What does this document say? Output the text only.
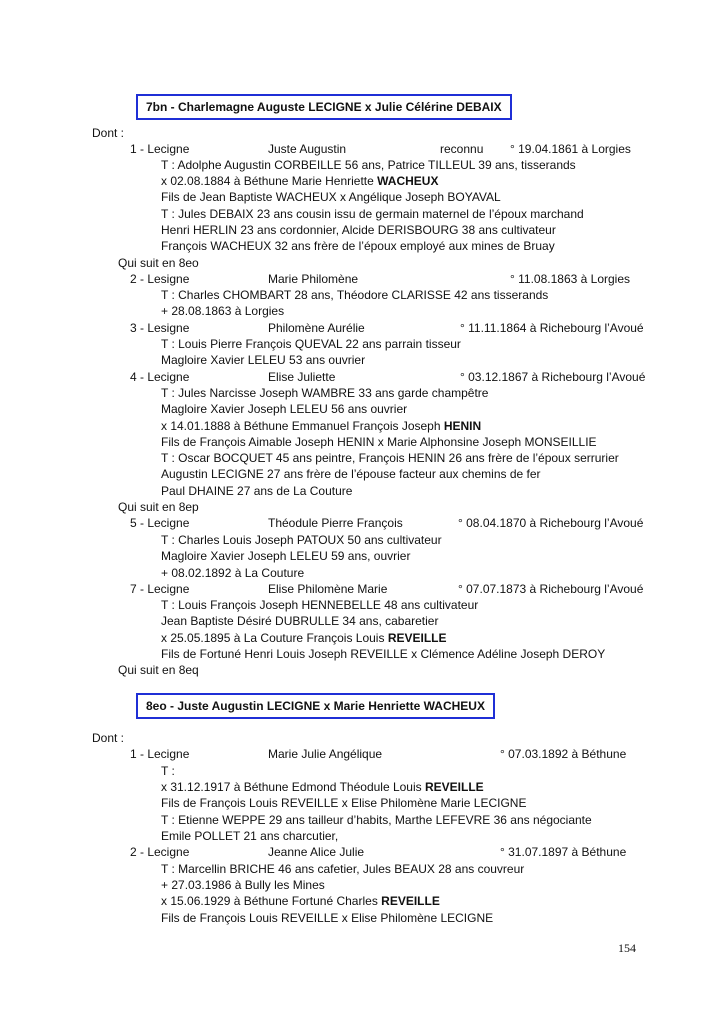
7bn - Charlemagne Auguste LECIGNE x Julie Célérine DEBAIX
Dont :
1 - Lecigne	Juste Augustin	reconnu ° 19.04.1861 à Lorgies
T : Adolphe Augustin CORBEILLE 56 ans, Patrice TILLEUL 39 ans, tisserands
x 02.08.1884 à Béthune Marie Henriette WACHEUX
Fils de Jean Baptiste WACHEUX x Angélique Joseph BOYAVAL
T : Jules DEBAIX 23 ans cousin issu de germain maternel de l’époux marchand
Henri HERLIN 23 ans cordonnier, Alcide DERISBOURG 38 ans cultivateur
François WACHEUX 32 ans frère de l’époux employé aux mines de Bruay
Qui suit en 8eo
2 - Lesigne	Marie Philomène	° 11.08.1863 à Lorgies
T : Charles CHOMBART 28 ans, Théodore CLARISSE 42 ans tisserands
+ 28.08.1863 à Lorgies
3 - Lesigne	Philomène Aurélie	° 11.11.1864 à Richebourg l’Avoué
T : Louis Pierre François QUEVAL 22 ans parrain tisseur
Magloire Xavier LELEU 53 ans ouvrier
4 - Lecigne	Elise Juliette	° 03.12.1867 à Richebourg l’Avoué
T : Jules Narcisse Joseph WAMBRE 33 ans garde champêtre
Magloire Xavier Joseph LELEU 56 ans ouvrier
x 14.01.1888 à Béthune Emmanuel François Joseph HENIN
Fils de François Aimable Joseph HENIN x Marie Alphonsine Joseph MONSEILLIE
T : Oscar BOCQUET 45 ans peintre, François HENIN 26 ans frère de l’époux serrurier
Augustin LECIGNE 27 ans frère de l’épouse facteur aux chemins de fer
Paul DHAINE 27 ans de La Couture
Qui suit en 8ep
5 - Lecigne	Théodule Pierre François	° 08.04.1870 à Richebourg l’Avoué
T : Charles Louis Joseph PATOUX 50 ans cultivateur
Magloire Xavier Joseph LELEU 59 ans, ouvrier
+ 08.02.1892 à La Couture
7 - Lecigne	Elise Philomène Marie	° 07.07.1873 à Richebourg l’Avoué
T : Louis François Joseph HENNEBELLE 48 ans cultivateur
Jean Baptiste Désiré DUBRULLE 34 ans, cabaretier
x 25.05.1895 à La Couture François Louis REVEILLE
Fils de Fortuné Henri Louis Joseph REVEILLE x Clémence Adéline Joseph DEROY
Qui suit en 8eq
8eo - Juste Augustin LECIGNE x Marie Henriette WACHEUX
Dont :
1 - Lecigne	Marie Julie Angélique	° 07.03.1892 à Béthune
T :
x 31.12.1917 à Béthune Edmond Théodule Louis REVEILLE
Fils de François Louis REVEILLE x Elise Philomène Marie LECIGNE
T : Etienne WEPPE 29 ans tailleur d’habits, Marthe LEFEVRE 36 ans négociante
Emile POLLET 21 ans charcutier,
2 - Lecigne	Jeanne Alice Julie	° 31.07.1897 à Béthune
T : Marcellin BRICHE 46 ans cafetier, Jules BEAUX 28 ans couvreur
+ 27.03.1986 à Bully les Mines
x 15.06.1929 à Béthune Fortuné Charles REVEILLE
Fils de François Louis REVEILLE x Elise Philomène LECIGNE
154
